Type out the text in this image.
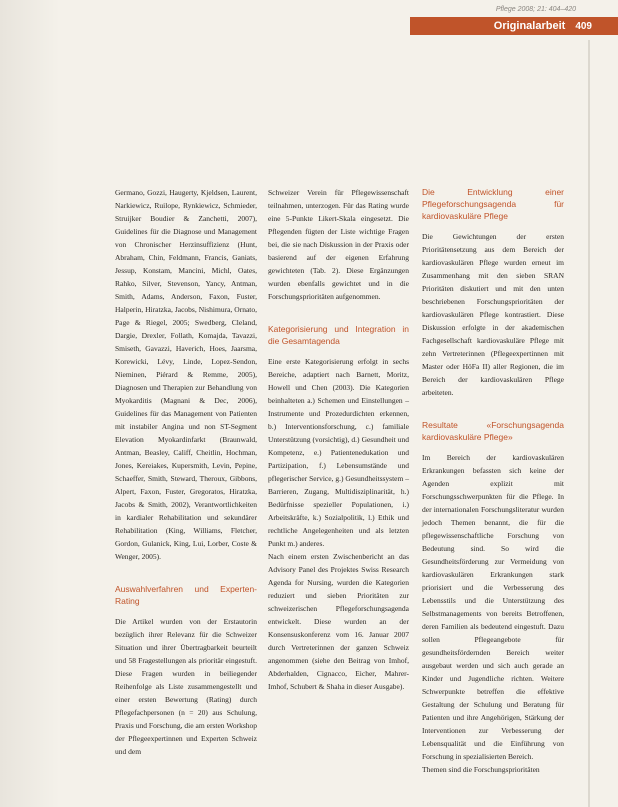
Pflege 2008; 21: 404–420
Originalarbeit 409

Germano, Gozzi, Haugerty, Kjeldsen, Laurent, Narkiewicz, Ruilope, Rynkiewicz, Schmieder, Struijker Boudier & Zanchetti, 2007), Guidelines für die Diagnose und Management von Chronischer Herzinsuffizienz (Hunt, Abraham, Chin, Feldmann, Francis, Ganiats, Jessup, Konstam, Mancini, Michl, Oates, Rahko, Silver, Stevenson, Yancy, Antman, Smith, Adams, Anderson, Faxon, Fuster, Halperin, Hiratzka, Jacobs, Nishimura, Ornato, Page & Riegel, 2005; Swedberg, Cleland, Dargie, Drexler, Follath, Komajda, Tavazzi, Smiseth, Gavazzi, Haverich, Hoes, Jaarsma, Korewicki, Lévy, Linde, Lopez-Sendon, Nieminen, Piérard & Remme, 2005), Diagnosen und Therapien zur Behandlung von Myokarditis (Magnani & Dec, 2006), Guidelines für das Management von Patienten mit instabiler Angina und non ST-Segment Elevation Myokardinfarkt (Braunwald, Antman, Beasley, Califf, Cheitlin, Hochman, Jones, Kereiakes, Kupersmith, Levin, Pepine, Schaeffer, Smith, Steward, Theroux, Gibbons, Alpert, Faxon, Fuster, Gregoratos, Hiratzka, Jacobs & Smith, 2002), Verantwortlichkeiten in kardialer Rehabilitation und sekundärer Rehabilitation (King, Williams, Fletcher, Gordon, Gulanick, King, Lui, Lorber, Coste & Wenger, 2005).

Auswahlverfahren und Experten-Rating

Die Artikel wurden von der Erstautorin bezüglich ihrer Relevanz für die Schweizer Situation und ihrer Übertragbarkeit beurteilt und 58 Fragestellungen als prioritär eingestuft. Diese Fragen wurden in beiliegender Reihenfolge als Liste zusammengestellt und einer ersten Bewertung (Rating) durch Pflegefachpersonen (n = 20) aus Schulung, Praxis und Forschung, die am ersten Workshop der Pflegeexpertinnen und Experten Schweiz und dem

Schweizer Verein für Pflegewissenschaft teilnahmen, unterzogen. Für das Rating wurde eine 5-Punkte Likert-Skala eingesetzt. Die Pflegenden fügten der Liste wichtige Fragen bei, die sie nach Diskussion in der Praxis oder basierend auf der eigenen Erfahrung gewichteten (Tab. 2). Diese Ergänzungen wurden ebenfalls gewichtet und in die Forschungsprioritäten aufgenommen.

Kategorisierung und Integration in die Gesamtagenda

Eine erste Kategorisierung erfolgt in sechs Bereiche, adaptiert nach Barnett, Moritz, Howell und Chen (2003). Die Kategorien beinhalteten a.) Schemen und Einstellungen – Instrumente und Prozedurdichten erkennen, b.) Interventionsforschung, c.) familiale Unterstützung (vorsichtig), d.) Gesundheit und Kompetenz, e.) Patientenedukation und Partizipation, f.) Lebensumstände und pflegerischer Service, g.) Gesundheitssystem – Barrieren, Zugang, Multidisziplinarität, h.) Bedürfnisse spezieller Populationen, i.) Arbeitskräfte, k.) Sozialpolitik, l.) Ethik und rechtliche Angelegenheiten und als letzten Punkt m.) anderes.

Nach einem ersten Zwischenbericht an das Advisory Panel des Projektes Swiss Research Agenda for Nursing, wurden die Kategorien reduziert und sieben Prioritäten zur schweizerischen Pflegeforschungsagenda entwickelt. Diese wurden an der Konsensuskonferenz vom 16. Januar 2007 durch Vertreterinnen der ganzen Schweiz angenommen (siehe den Beitrag von Imhof, Abderhalden, Cignacco, Eicher, Mahrer-Imhof, Schubert & Shaha in dieser Ausgabe).

Die Entwicklung einer Pflegeforschungsagenda für kardiovaskuläre Pflege

Die Gewichtungen der ersten Prioritätensetzung aus dem Bereich der kardiovaskulären Pflege wurden erneut im Zusammenhang mit den sieben SRAN Prioritäten diskutiert und mit den unten beschriebenen Forschungsprioritäten der kardiovaskulären Pflege kontrastiert. Diese Diskussion erfolgte in der akademischen Fachgesellschaft kardiovaskuläre Pflege mit zehn Vertreterinnen (Pflegeexpertinnen mit Master oder HöFa II) aller Regionen, die im Bereich der kardiovaskulären Pflege arbeiteten.

Resultate «Forschungsagenda kardiovaskuläre Pflege»

Im Bereich der kardiovaskulären Erkrankungen befassten sich keine der Agenden explizit mit Forschungsschwerpunkten für die Pflege. In der internationalen Forschungsliteratur wurden jedoch Themen benannt, die für die pflegewissenschaftliche Forschung von Bedeutung sind. So wird die Gesundheitsförderung zur Vermeidung von kardiovaskulären Erkrankungen stark priorisiert und die Verbesserung des Lebensstils und die Unterstützung des Selbstmanagements von bereits Betroffenen, deren Familien als bedeutend eingestuft. Dazu sollen Pflegeangebote für gesundheitsfördernden Bereich weiter ausgebaut werden und sich auch gerade an Kinder und Jugendliche richten. Weitere Schwerpunkte betreffen die effektive Gestaltung der Schulung und Beratung für Patienten und ihre Angehörigen, Stärkung der Interventionen zur Verbesserung der Lebensqualität und die Einführung von Forschung in spezialisierten Bereich.

Themen sind die Forschungsprioritäten
